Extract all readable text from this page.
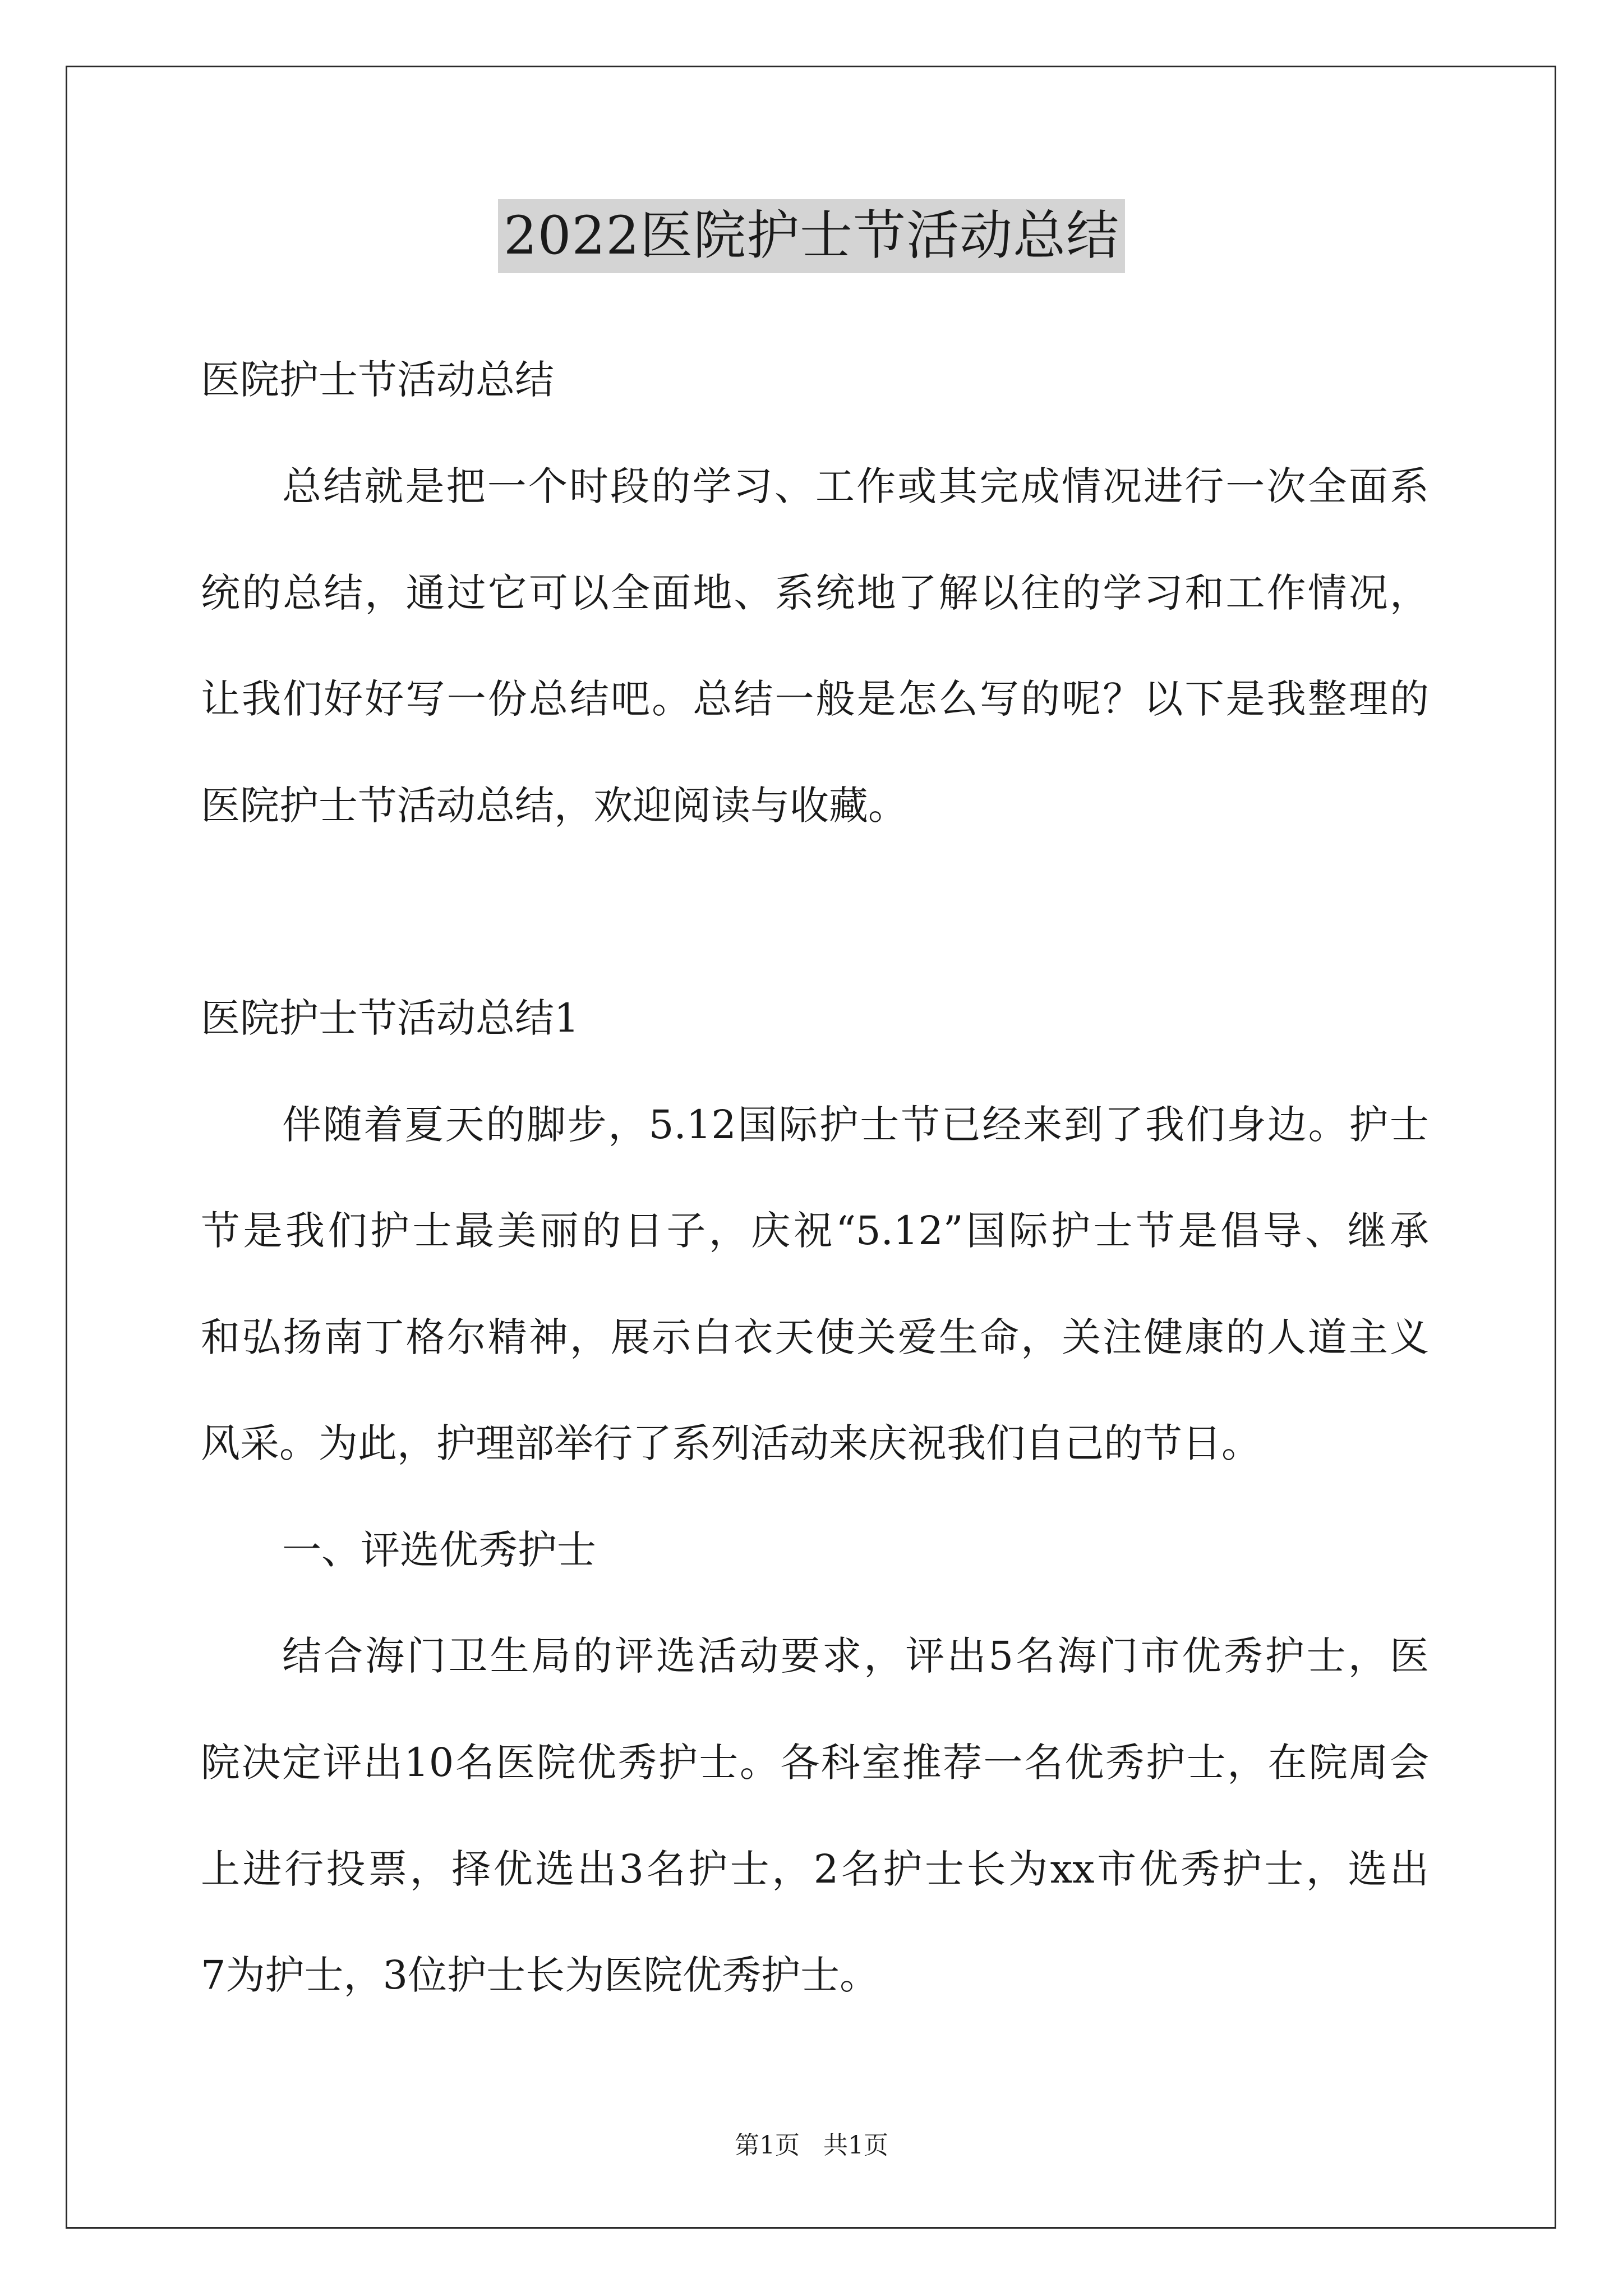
2022医院护士节活动总结
医院护士节活动总结
总结就是把一个时段的学习、工作或其完成情况进行一次全面系
统的总结，通过它可以全面地、系统地了解以往的学习和工作情况，
让我们好好写一份总结吧。总结一般是怎么写的呢？以下是我整理的
医院护士节活动总结，欢迎阅读与收藏。
医院护士节活动总结1
伴随着夏天的脚步，5.12国际护士节已经来到了我们身边。护士
节是我们护士最美丽的日子，庆祝“5.12”国际护士节是倡导、继承
和弘扬南丁格尔精神，展示白衣天使关爱生命，关注健康的人道主义
风采。为此，护理部举行了系列活动来庆祝我们自己的节日。
一、评选优秀护士
结合海门卫生局的评选活动要求，评出5名海门市优秀护士，医
院决定评出10名医院优秀护士。各科室推荐一名优秀护士，在院周会
上进行投票，择优选出3名护士，2名护士长为xx市优秀护士，选出
7为护士，3位护士长为医院优秀护士。
第1页 共1页
